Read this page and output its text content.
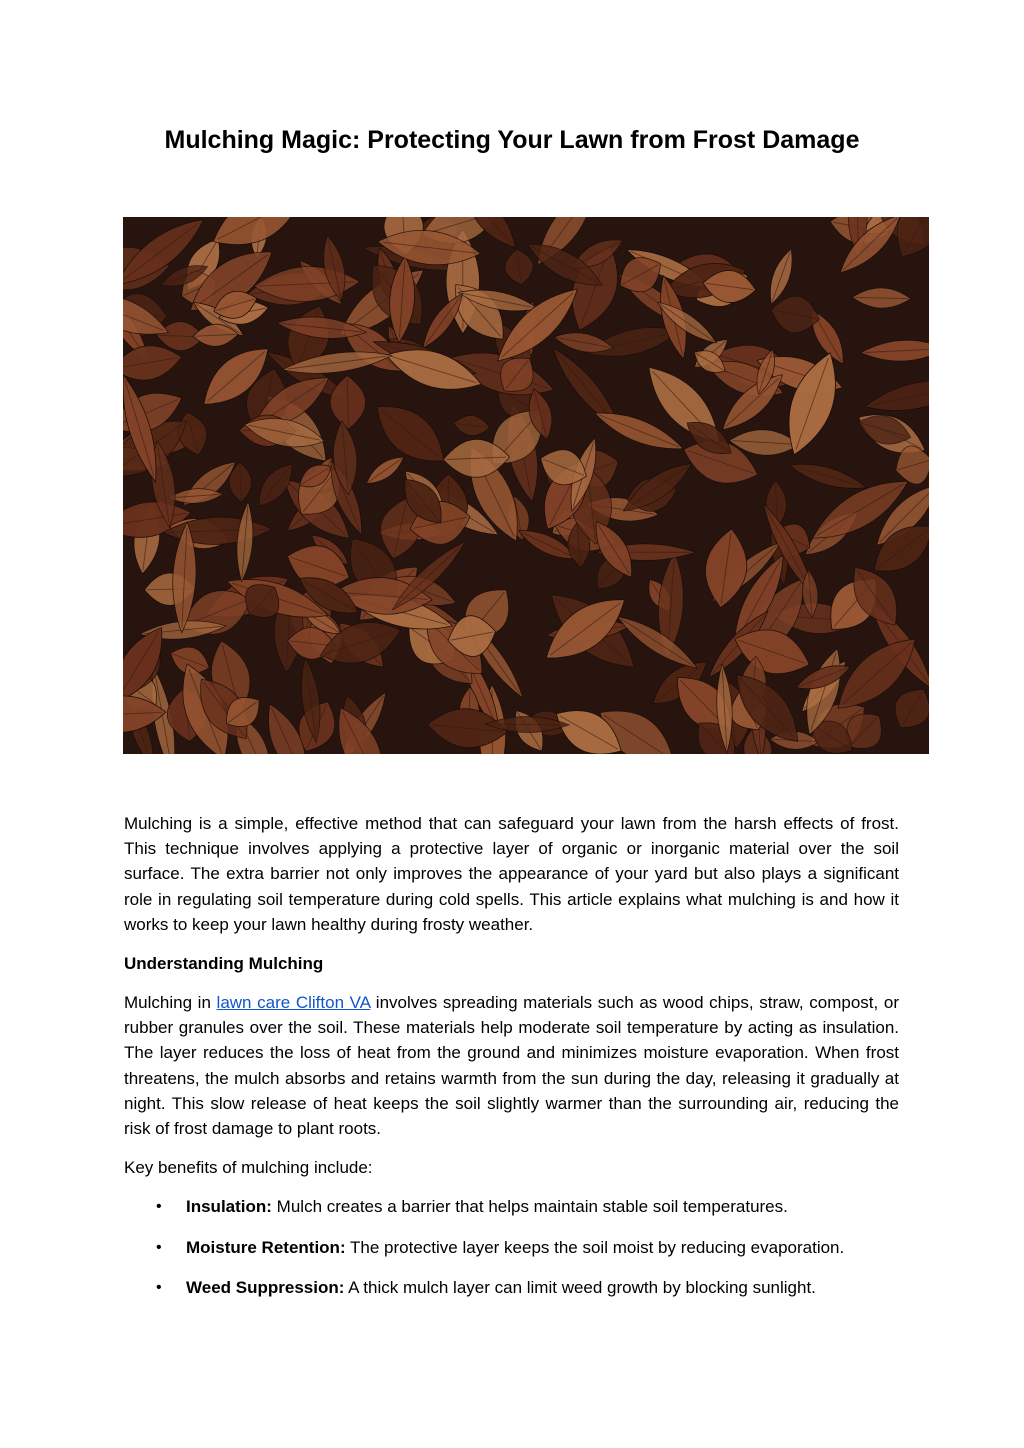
Mulching Magic: Protecting Your Lawn from Frost Damage

Mulching is a simple, effective method that can safeguard your lawn from the harsh effects of frost. This technique involves applying a protective layer of organic or inorganic material over the soil surface. The extra barrier not only improves the appearance of your yard but also plays a significant role in regulating soil temperature during cold spells. This article explains what mulching is and how it works to keep your lawn healthy during frosty weather.

Understanding Mulching

Mulching in lawn care Clifton VA involves spreading materials such as wood chips, straw, compost, or rubber granules over the soil. These materials help moderate soil temperature by acting as insulation. The layer reduces the loss of heat from the ground and minimizes moisture evaporation. When frost threatens, the mulch absorbs and retains warmth from the sun during the day, releasing it gradually at night. This slow release of heat keeps the soil slightly warmer than the surrounding air, reducing the risk of frost damage to plant roots.

Key benefits of mulching include:

• Insulation: Mulch creates a barrier that helps maintain stable soil temperatures.
• Moisture Retention: The protective layer keeps the soil moist by reducing evaporation.
• Weed Suppression: A thick mulch layer can limit weed growth by blocking sunlight.
